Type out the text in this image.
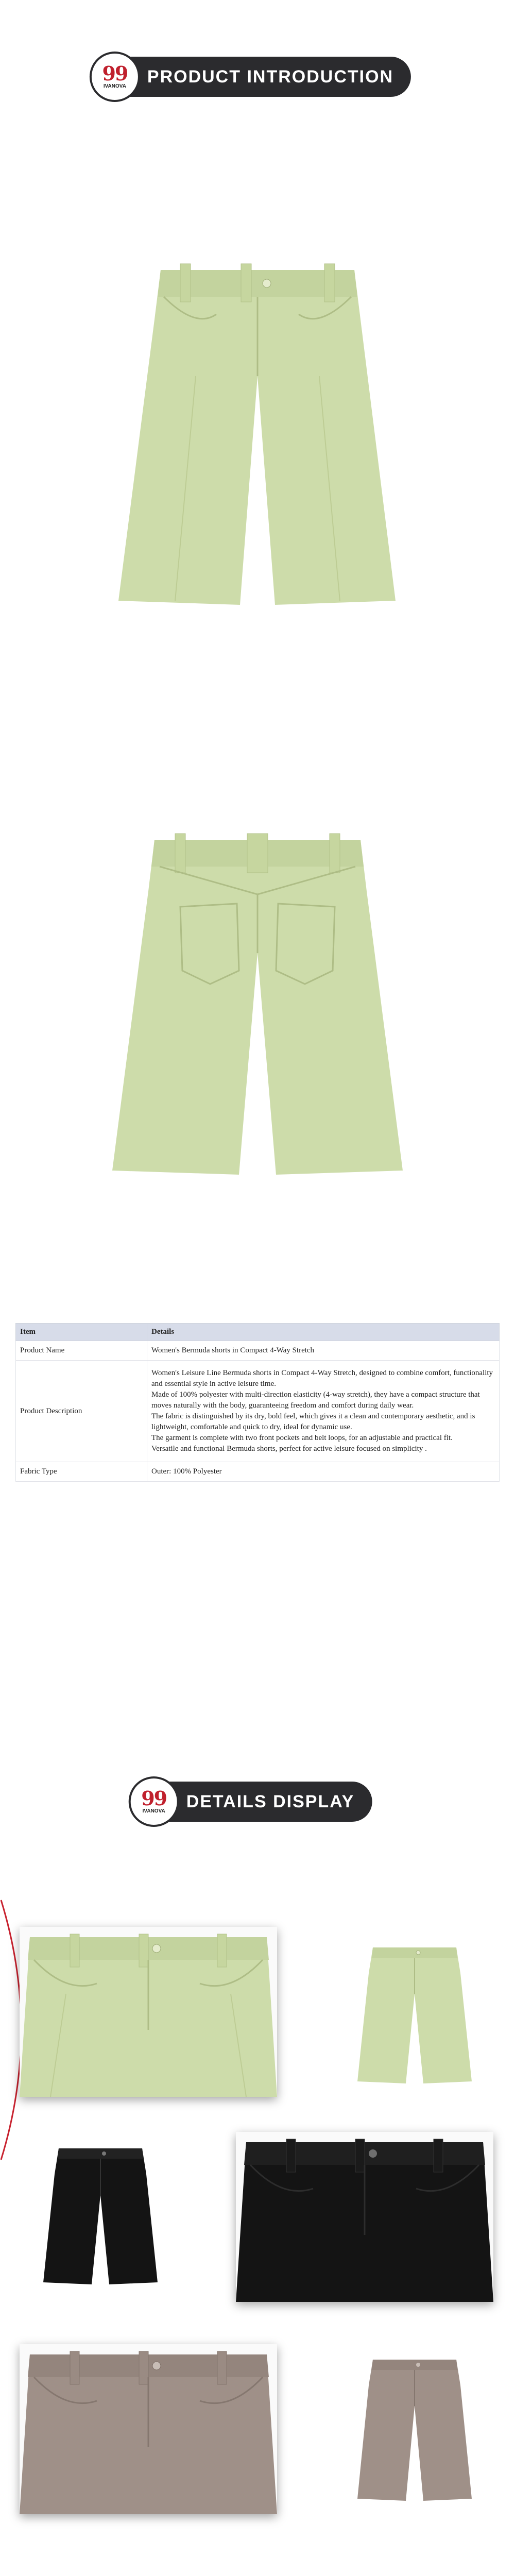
99
IVANOVA PRODUCT INTRODUCTION
Item	Details
Product Name	Women's Bermuda shorts in Compact 4-Way Stretch
Product Description	Women's Leisure Line Bermuda shorts in Compact 4-Way Stretch, designed to combine comfort, functionality and essential style in active leisure time.
Made of 100% polyester with multi-direction elasticity (4-way stretch), they have a compact structure that moves naturally with the body, guaranteeing freedom and comfort during daily wear.
The fabric is distinguished by its dry, bold feel, which gives it a clean and contemporary aesthetic, and is lightweight, comfortable and quick to dry, ideal for dynamic use.
The garment is complete with two front pockets and belt loops, for an adjustable and practical fit.
Versatile and functional Bermuda shorts, perfect for active leisure focused on simplicity .

Fabric Type	Outer: 100% Polyester
99
IVANOVA DETAILS DISPLAY
